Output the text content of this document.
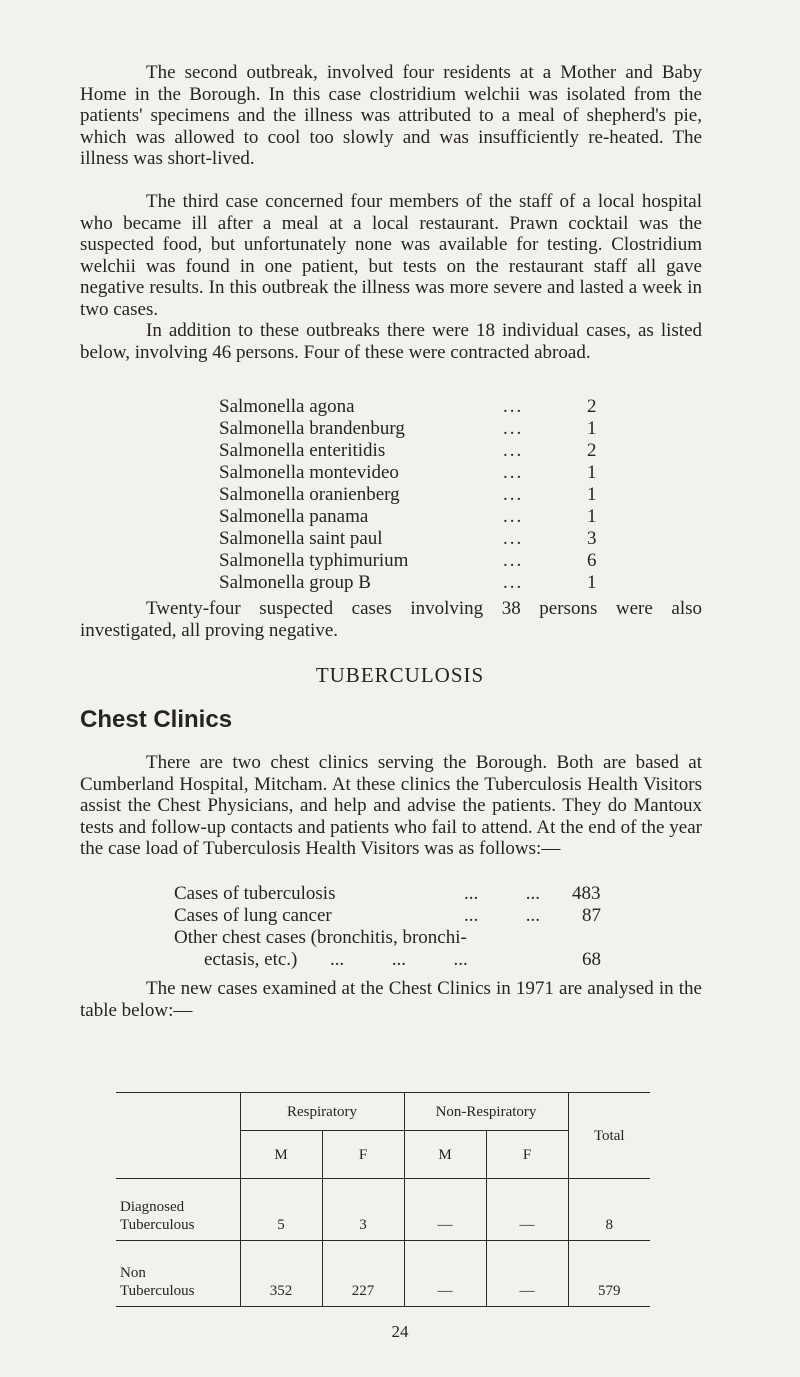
The second outbreak, involved four residents at a Mother and Baby Home in the Borough. In this case clostridium welchii was isolated from the patients' specimens and the illness was attributed to a meal of shepherd's pie, which was allowed to cool too slowly and was insufficiently re-heated. The illness was short-lived.

The third case concerned four members of the staff of a local hospital who became ill after a meal at a local restaurant. Prawn cocktail was the suspected food, but unfortunately none was available for testing. Clostridium welchii was found in one patient, but tests on the restaurant staff all gave negative results. In this outbreak the illness was more severe and lasted a week in two cases.

In addition to these outbreaks there were 18 individual cases, as listed below, involving 46 persons. Four of these were contracted abroad.

Salmonella agona	...	2
Salmonella brandenburg	...	1
Salmonella enteritidis	...	2
Salmonella montevideo	...	1
Salmonella oranienberg	...	1
Salmonella panama	...	1
Salmonella saint paul	...	3
Salmonella typhimurium	...	6
Salmonella group B	...	1

Twenty-four suspected cases involving 38 persons were also investigated, all proving negative.

TUBERCULOSIS
Chest Clinics

There are two chest clinics serving the Borough. Both are based at Cumberland Hospital, Mitcham. At these clinics the Tuberculosis Health Visitors assist the Chest Physicians, and help and advise the patients. They do Mantoux tests and follow-up contacts and patients who fail to attend. At the end of the year the case load of Tuberculosis Health Visitors was as follows:—

Cases of tuberculosis	...          ... 483
Cases of lung cancer	...          ... 87
Other chest cases (bronchitis, bronchi-
ectasis, etc.) ...          ...          ...	68

The new cases examined at the Chest Clinics in 1971 are analysed in the table below:—

	Respiratory		Non-Respiratory		Total
	M	F	M	F	
Diagnosed
Tuberculous	5	3	—	—	8
Non
Tuberculous	352	227	—	—	579
24
